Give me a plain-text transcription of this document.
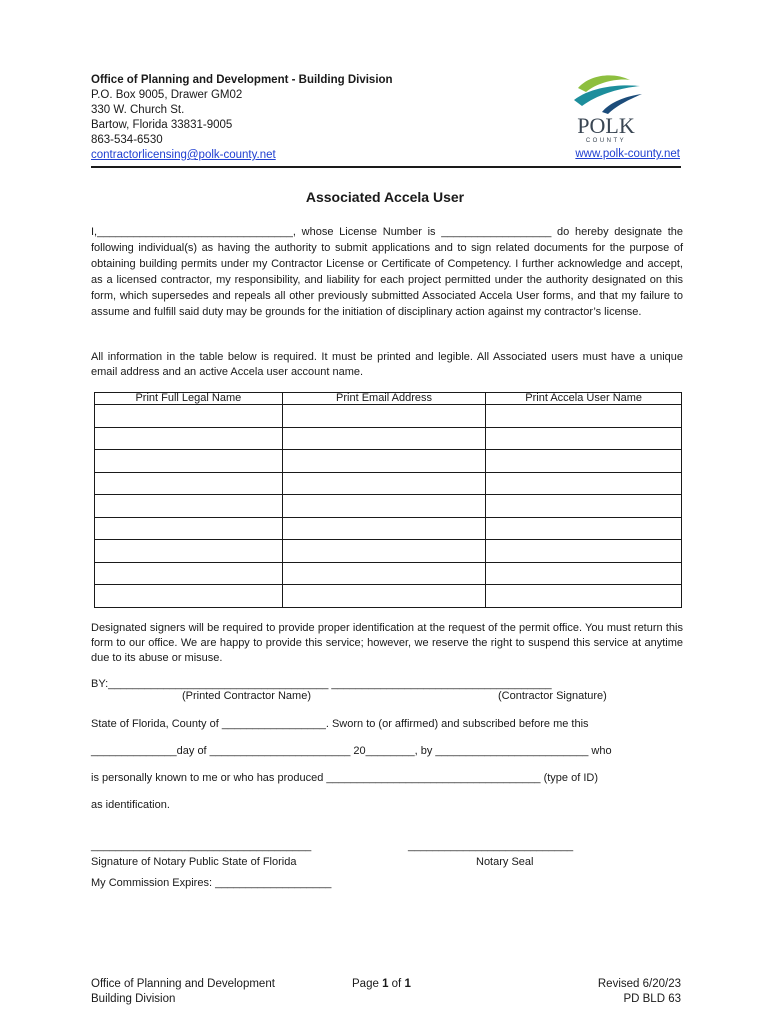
Office of Planning and Development - Building Division
P.O. Box 9005, Drawer GM02
330 W. Church St.
Bartow, Florida 33831-9005
863-534-6530
contractorlicensing@polk-county.net
POLK
COUNTY
www.polk-county.net
Associated Accela User
I,________________________________, whose License Number is __________________ do hereby designate the following individual(s) as having the authority to submit applications and to sign related documents for the purpose of obtaining building permits under my Contractor License or Certificate of Competency. I further acknowledge and accept, as a licensed contractor, my responsibility, and liability for each project permitted under the authority designated on this form, which supersedes and repeals all other previously submitted Associated Accela User forms, and that my failure to assume and fulfill said duty may be grounds for the initiation of disciplinary action against my contractor’s license.
All information in the table below is required. It must be printed and legible. All Associated users must have a unique email address and an active Accela user account name.
Print Full Legal Name	Print Email Address	Print Accela User Name

Designated signers will be required to provide proper identification at the request of the permit office. You must return this form to our office. We are happy to provide this service; however, we reserve the right to suspend this service at anytime due to its abuse or misuse.
BY:____________________________________ ____________________________________
(Printed Contractor Name)	(Contractor Signature)
State of Florida, County of _________________. Sworn to (or affirmed) and subscribed before me this
______________day of _______________________ 20________, by _________________________ who
is personally known to me or who has produced ___________________________________ (type of ID)
as identification.
____________________________________
Signature of Notary Public State of Florida
___________________________
Notary Seal
My Commission Expires: ___________________
Office of Planning and Development
Building Division
Page 1 of 1	Revised 6/20/23
PD BLD 63
